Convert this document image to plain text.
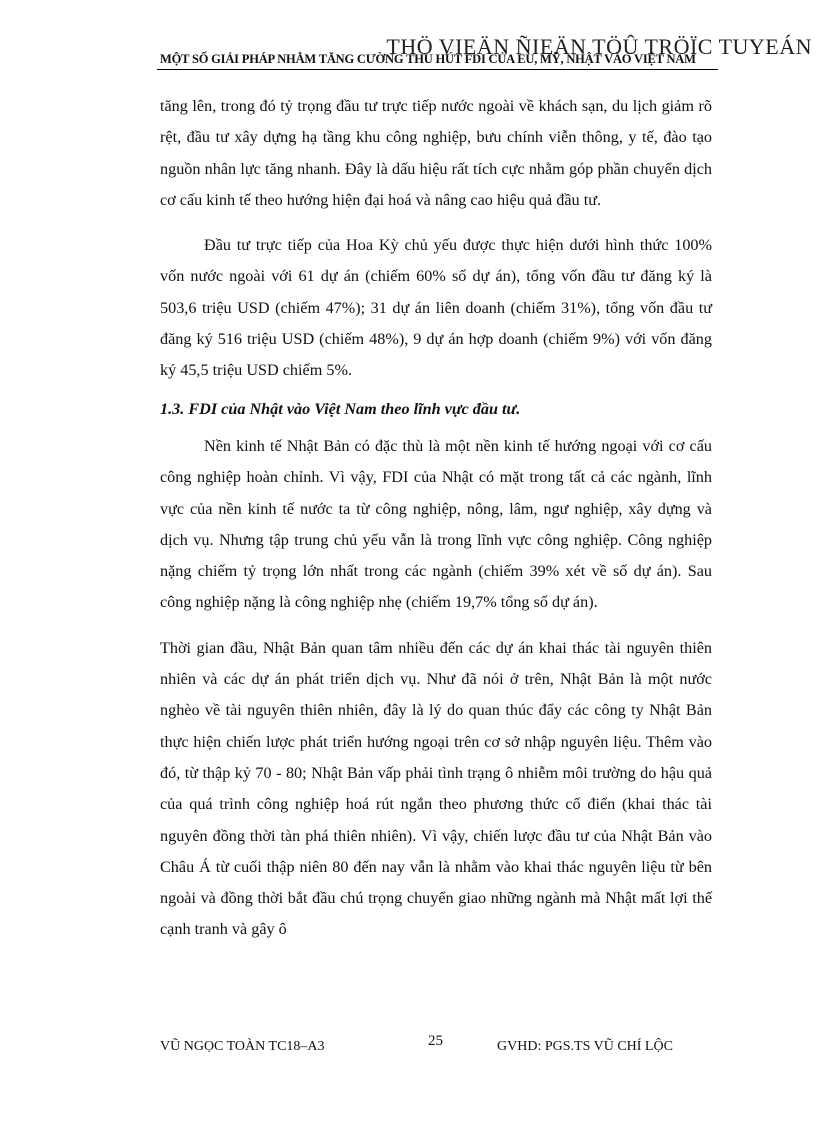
THÖ VIEÄN ÑIEÄN TÖÛ TRÖÏC TUYEÁN
MỘT SỐ GIẢI PHÁP NHẰM TĂNG CƯỜNG THU HÚT FDI CỦA EU, MỸ, NHẬT VÀO VIỆT NAM

tăng lên, trong đó tỷ trọng đầu tư trực tiếp nước ngoài về khách sạn, du lịch giảm rõ rệt, đầu tư xây dựng hạ tầng khu công nghiệp, bưu chính viễn thông, y tế, đào tạo nguồn nhân lực tăng nhanh. Đây là dấu hiệu rất tích cực nhằm góp phần chuyển dịch cơ cấu kinh tế theo hướng hiện đại hoá và nâng cao hiệu quả đầu tư.

Đầu tư trực tiếp của Hoa Kỳ chủ yếu được thực hiện dưới hình thức 100% vốn nước ngoài với 61 dự án (chiếm 60% số dự án), tổng vốn đầu tư đăng ký là 503,6 triệu USD (chiếm 47%); 31 dự án liên doanh (chiếm 31%), tổng vốn đầu tư đăng ký 516 triệu USD (chiếm 48%), 9 dự án hợp doanh (chiếm 9%) với vốn đăng ký 45,5 triệu USD chiếm 5%.

1.3. FDI của Nhật vào Việt Nam theo lĩnh vực đầu tư.

Nền kinh tế Nhật Bản có đặc thù là một nền kinh tế hướng ngoại với cơ cấu công nghiệp hoàn chỉnh. Vì vậy, FDI của Nhật có mặt trong tất cả các ngành, lĩnh vực của nền kinh tế nước ta từ công nghiệp, nông, lâm, ngư nghiệp, xây dựng và dịch vụ. Nhưng tập trung chủ yếu vẫn là trong lĩnh vực công nghiệp. Công nghiệp nặng chiếm tỷ trọng lớn nhất trong các ngành (chiếm 39% xét về số dự án). Sau công nghiệp nặng là công nghiệp nhẹ (chiếm 19,7% tổng số dự án).

Thời gian đầu, Nhật Bản quan tâm nhiều đến các dự án khai thác tài nguyên thiên nhiên và các dự án phát triển dịch vụ. Như đã nói ở trên, Nhật Bản là một nước nghèo về tài nguyên thiên nhiên, đây là lý do quan thúc đẩy các công ty Nhật Bản thực hiện chiến lược phát triển hướng ngoại trên cơ sở nhập nguyên liệu. Thêm vào đó, từ thập kỷ 70 - 80; Nhật Bản vấp phải tình trạng ô nhiễm môi trường do hậu quả của quá trình công nghiệp hoá rút ngắn theo phương thức cổ điển (khai thác tài nguyên đồng thời tàn phá thiên nhiên). Vì vậy, chiến lược đầu tư của Nhật Bản vào Châu Á từ cuối thập niên 80 đến nay vẫn là nhằm vào khai thác nguyên liệu từ bên ngoài và đồng thời bắt đầu chú trọng chuyển giao những ngành mà Nhật mất lợi thế cạnh tranh và gây ô

VŨ NGỌC TOÀN TC18–A3	25	GVHD: PGS.TS VŨ CHÍ LỘC
